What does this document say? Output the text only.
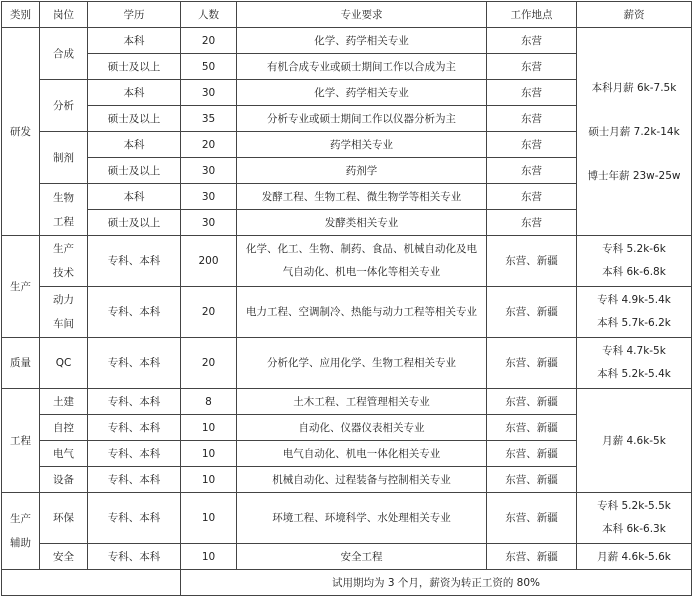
类别	岗位	学历	人数	专业要求	工作地点	薪资
研发	合成	本科	20	化学、药学相关专业	东营	本科月薪 6k-7.5k
硕士月薪 7.2k-14k
博士年薪 23w-25w

		硕士及以上	50	有机合成专业或硕士期间工作以合成为主	东营	
	分析	本科	30	化学、药学相关专业	东营	
		硕士及以上	35	分析专业或硕士期间工作以仪器分析为主	东营	
	制剂	本科	20	药学相关专业	东营	
		硕士及以上	30	药剂学	东营	
	生物工程	本科	30	发酵工程、生物工程、微生物学等相关专业	东营	
		硕士及以上	30	发酵类相关专业	东营	
生产	生产技术	专科、本科	200	化学、化工、生物、制药、食品、机械自动化及电气自动化、机电一体化等相关专业	东营、新疆	专科 5.2k-6k
本科 6k-6.8k

	动力车间	专科、本科	20	电力工程、空调制冷、热能与动力工程等相关专业	东营、新疆	专科 4.9k-5.4k
本科 5.7k-6.2k

质量	QC	专科、本科	20	分析化学、应用化学、生物工程相关专业	东营、新疆	专科 4.7k-5k
本科 5.2k-5.4k

工程	土建	专科、本科	8	土木工程、工程管理相关专业	东营、新疆	月薪 4.6k-5k
	自控	专科、本科	10	自动化、仪器仪表相关专业	东营、新疆	
	电气	专科、本科	10	电气自动化、机电一体化相关专业	东营、新疆	
	设备	专科、本科	10	机械自动化、过程装备与控制相关专业	东营、新疆	
生产辅助	环保	专科、本科	10	环境工程、环境科学、水处理相关专业	东营、新疆	专科 5.2k-5.5k
本科 6k-6.3k

	安全	专科、本科	10	安全工程	东营、新疆	月薪 4.6k-5.6k
			试用期均为 3 个月，薪资为转正工资的 80%			
